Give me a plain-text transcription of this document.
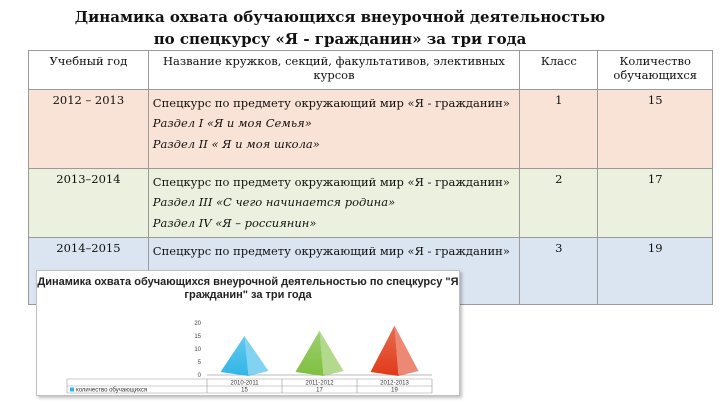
Динамика охвата обучающихся внеурочной деятельностью
по спецкурсу «Я - гражданин» за три года
Учебный год	Название кружков, секций, факультативов, элективных курсов	Класс	Количество обучающихся
2012 – 2013	Спецкурс по предмету окружающий мир «Я - гражданин»
Раздел I «Я и моя Семья»
Раздел II « Я и моя школа»	1	15
2013–2014	Спецкурс по предмету окружающий мир «Я - гражданин»
Раздел III «С чего начинается родина»
Раздел IV «Я – россиянин»	2	17
2014–2015	Спецкурс по предмету окружающий мир «Я - гражданин»	3	19
0
5
10
15
20
2010-2011
15
2011-2012
17
2012-2013
19
количество обучающихся
Динамика охвата обучающихся внеурочной деятельностью по спецкурсу "Я гражданин" за три года
